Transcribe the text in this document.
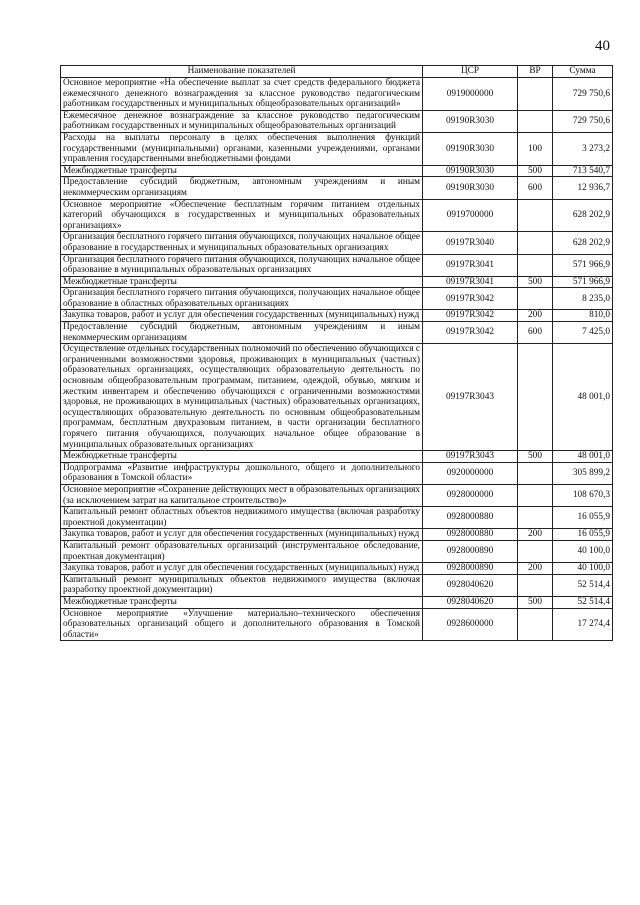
40
Наименование показателей	ЦСР	ВР	Сумма
Основное мероприятие «На обеспечение выплат за счет средств федерального бюджета ежемесячного денежного вознаграждения за классное руководство педагогическим работникам государственных и муниципальных общеобразовательных организаций»	0919000000		729 750,6
Ежемесячное денежное вознаграждение за классное руководство педагогическим работникам государственных и муниципальных общеобразовательных организаций	09190R3030		729 750,6
Расходы на выплаты персоналу в целях обеспечения выполнения функций государственными (муниципальными) органами, казенными учреждениями, органами управления государственными внебюджетными фондами	09190R3030	100	3 273,2
Межбюджетные трансферты	09190R3030	500	713 540,7
Предоставление субсидий бюджетным, автономным учреждениям и иным некоммерческим организациям	09190R3030	600	12 936,7
Основное мероприятие «Обеспечение бесплатным горячим питанием отдельных категорий обучающихся в государственных и муниципальных образовательных организациях»	0919700000		628 202,9
Организация бесплатного горячего питания обучающихся, получающих начальное общее образование в государственных и муниципальных образовательных организациях	09197R3040		628 202,9
Организация бесплатного горячего питания обучающихся, получающих начальное общее образование в муниципальных образовательных организациях	09197R3041		571 966,9
Межбюджетные трансферты	09197R3041	500	571 966,9
Организация бесплатного горячего питания обучающихся, получающих начальное общее образование в областных образовательных организациях	09197R3042		8 235,0
Закупка товаров, работ и услуг для обеспечения государственных (муниципальных) нужд	09197R3042	200	810,0
Предоставление субсидий бюджетным, автономным учреждениям и иным некоммерческим организациям	09197R3042	600	7 425,0
Осуществление отдельных государственных полномочий по обеспечению обучающихся с ограниченными возможностями здоровья, проживающих в муниципальных (частных) образовательных организациях, осуществляющих образовательную деятельность по основным общеобразовательным программам, питанием, одеждой, обувью, мягким и жестким инвентарем и обеспечению обучающихся с ограниченными возможностями здоровья, не проживающих в муниципальных (частных) образовательных организациях, осуществляющих образовательную деятельность по основным общеобразовательным программам, бесплатным двухразовым питанием, в части организации бесплатного горячего питания обучающихся, получающих начальное общее образование в муниципальных образовательных организациях	09197R3043		48 001,0
Межбюджетные трансферты	09197R3043	500	48 001,0
Подпрограмма «Развитие инфраструктуры дошкольного, общего и дополнительного образования в Томской области»	0920000000		305 899,2
Основное мероприятие «Сохранение действующих мест в образовательных организациях (за исключением затрат на капитальное строительство)»	0928000000		108 670,3
Капитальный ремонт областных объектов недвижимого имущества (включая разработку проектной документации)	0928000880		16 055,9
Закупка товаров, работ и услуг для обеспечения государственных (муниципальных) нужд	0928000880	200	16 055,9
Капитальный ремонт образовательных организаций (инструментальное обследование, проектная документация)	0928000890		40 100,0
Закупка товаров, работ и услуг для обеспечения государственных (муниципальных) нужд	0928000890	200	40 100,0
Капитальный ремонт муниципальных объектов недвижимого имущества (включая разработку проектной документации)	0928040620		52 514,4
Межбюджетные трансферты	0928040620	500	52 514,4
Основное мероприятие «Улучшение материально–технического обеспечения образовательных организаций общего и дополнительного образования в Томской области»	0928600000		17 274,4
